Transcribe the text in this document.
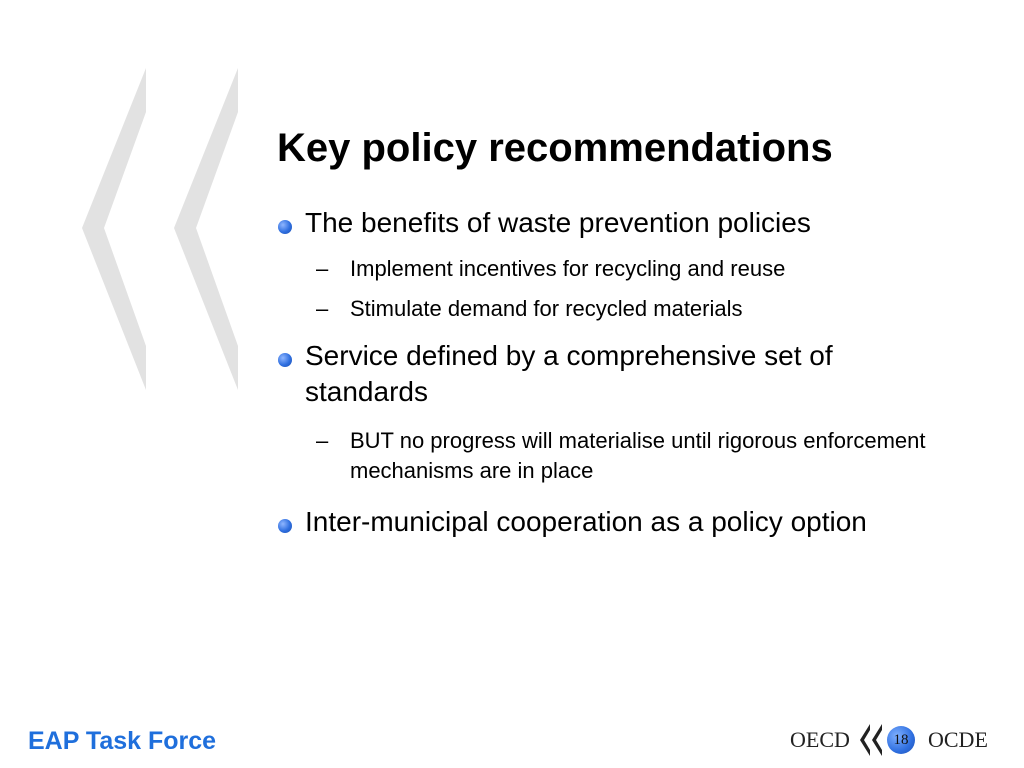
Key policy recommendations
The benefits of waste prevention policies
– Implement incentives for recycling and reuse
– Stimulate demand for recycled materials
Service defined by a comprehensive set of standards
– BUT no progress will materialise until rigorous enforcement mechanisms are in place
Inter-municipal cooperation as a policy option
EAP Task Force	OECD	18 OCDE
